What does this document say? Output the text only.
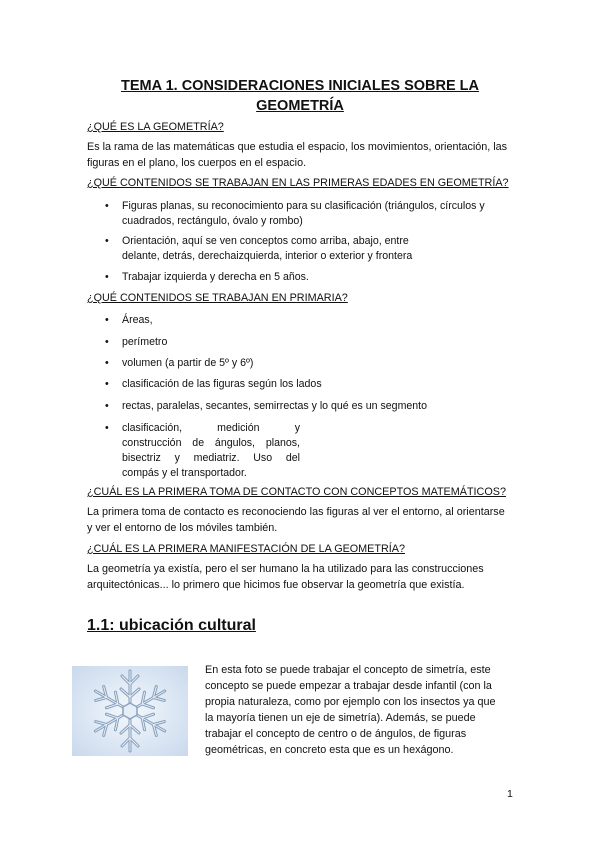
TEMA 1. CONSIDERACIONES INICIALES SOBRE LA
GEOMETRÍA
¿QUÉ ES LA GEOMETRÍA?
Es la rama de las matemáticas que estudia el espacio, los movimientos, orientación, las
figuras en el plano, los cuerpos en el espacio.
¿QUÉ CONTENIDOS SE TRABAJAN EN LAS PRIMERAS EDADES EN GEOMETRÍA?
• Figuras planas, su reconocimiento para su clasificación (triángulos, círculos y
cuadrados, rectángulo, óvalo y rombo)
• Orientación, aquí se ven conceptos como arriba, abajo, entre
delante, detrás, derechaizquierda, interior o exterior y frontera
• Trabajar izquierda y derecha en 5 años.
¿QUÉ CONTENIDOS SE TRABAJAN EN PRIMARIA?
• Áreas,
• perímetro
• volumen (a partir de 5º y 6º)
• clasificación de las figuras según los lados
• rectas, paralelas, secantes, semirrectas y lo qué es un segmento
• clasificación, medición y
construcción de ángulos, planos,
bisectriz y mediatriz. Uso del
compás y el transportador.
¿CUÁL ES LA PRIMERA TOMA DE CONTACTO CON CONCEPTOS MATEMÁTICOS?
La primera toma de contacto es reconociendo las figuras al ver el entorno, al orientarse
y ver el entorno de los móviles también.
¿CUÁL ES LA PRIMERA MANIFESTACIÓN DE LA GEOMETRÍA?
La geometría ya existía, pero el ser humano la ha utilizado para las construcciones
arquitectónicas... lo primero que hicimos fue observar la geometría que existía.
1.1: ubicación cultural
En esta foto se puede trabajar el concepto de simetría, este
concepto se puede empezar a trabajar desde infantil (con la
propia naturaleza, como por ejemplo con los insectos ya que
la mayoría tienen un eje de simetría). Además, se puede
trabajar el concepto de centro o de ángulos, de figuras
geométricas, en concreto esta que es un hexágono.
1
